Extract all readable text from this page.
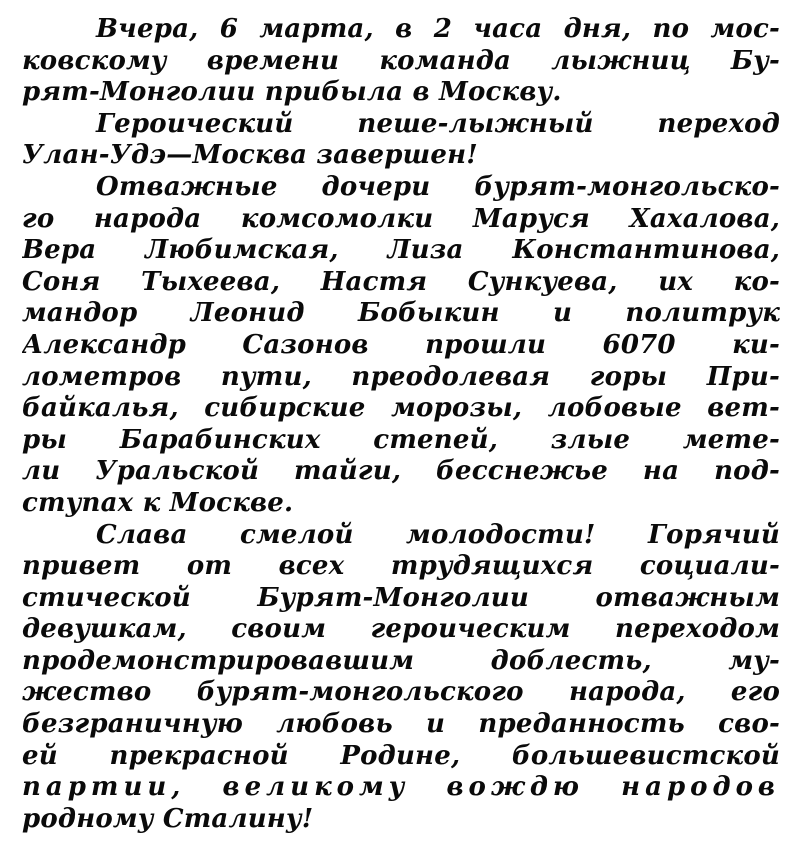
Вчера, 6 марта, в 2 часа дня, по мос-
ковскому времени команда лыжниц Бу-
рят-Монголии прибыла в Москву.
Героический пеше-лыжный переход
Улан-Удэ—Москва завершен!
Отважные дочери бурят-монгольско-
го народа комсомолки Маруся Хахалова,
Вера Любимская, Лиза Константинова,
Соня Тыхеева, Настя Сункуева, их ко-
мандор Леонид Бобыкин и политрук
Александр Сазонов прошли 6070 ки-
лометров пути, преодолевая горы При-
байкалья, сибирские морозы, лобовые вет-
ры Барабинских степей, злые мете-
ли Уральской тайги, бесснежье на под-
ступах к Москве.
Слава смелой молодости! Горячий
привет от всех трудящихся социали-
стической Бурят-Монголии отважным
девушкам, своим героическим переходом
продемонстрировавшим доблесть, му-
жество бурят-монгольского народа, его
безграничную любовь и преданность сво-
ей прекрасной Родине, большевистской
партии, великому вождю народов
родному Сталину!
